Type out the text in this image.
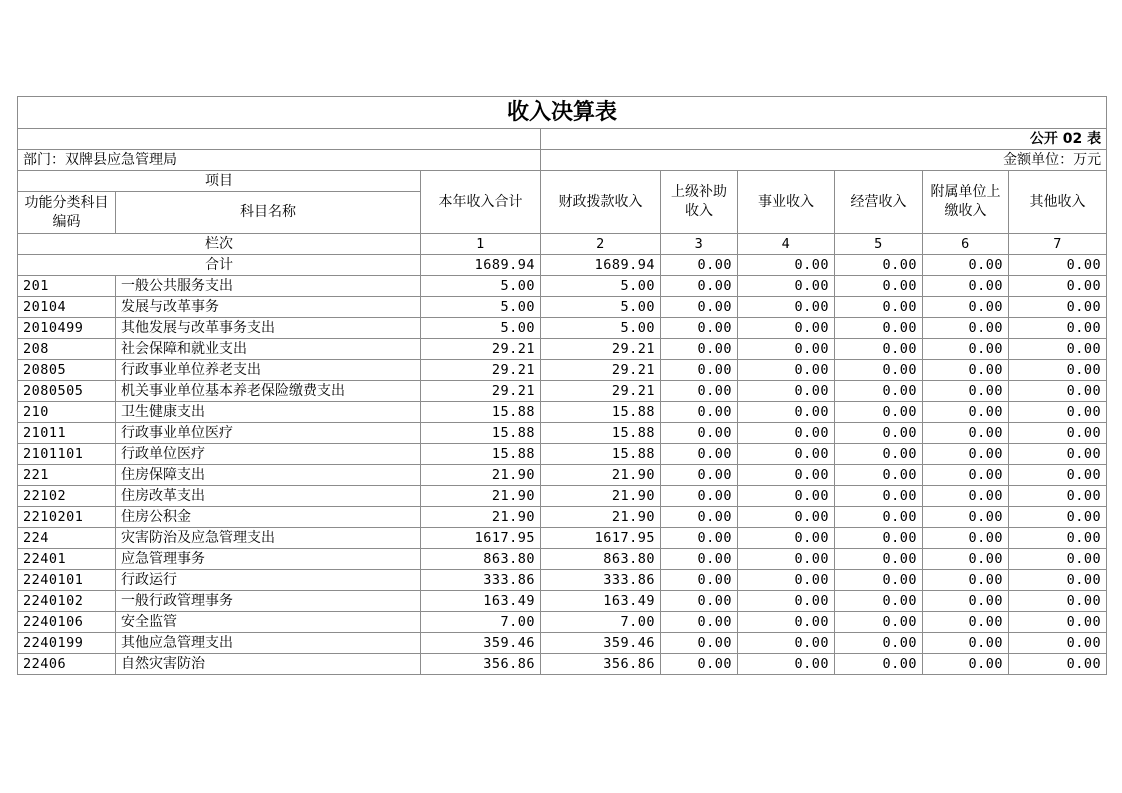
收入决算表								
			公开 02 表					
部门：双牌县应急管理局			金额单位：万元					
项目		本年收入合计	财政拨款收入	上级补助收入	事业收入	经营收入	附属单位上缴收入	其他收入
功能分类科目编码	科目名称							
栏次		1	2	3	4	5	6	7
合计		1689.94	1689.94	0.00	0.00	0.00	0.00	0.00
201	一般公共服务支出	5.00	5.00	0.00	0.00	0.00	0.00	0.00
20104	发展与改革事务	5.00	5.00	0.00	0.00	0.00	0.00	0.00
2010499	其他发展与改革事务支出	5.00	5.00	0.00	0.00	0.00	0.00	0.00
208	社会保障和就业支出	29.21	29.21	0.00	0.00	0.00	0.00	0.00
20805	行政事业单位养老支出	29.21	29.21	0.00	0.00	0.00	0.00	0.00
2080505	机关事业单位基本养老保险缴费支出	29.21	29.21	0.00	0.00	0.00	0.00	0.00
210	卫生健康支出	15.88	15.88	0.00	0.00	0.00	0.00	0.00
21011	行政事业单位医疗	15.88	15.88	0.00	0.00	0.00	0.00	0.00
2101101	行政单位医疗	15.88	15.88	0.00	0.00	0.00	0.00	0.00
221	住房保障支出	21.90	21.90	0.00	0.00	0.00	0.00	0.00
22102	住房改革支出	21.90	21.90	0.00	0.00	0.00	0.00	0.00
2210201	住房公积金	21.90	21.90	0.00	0.00	0.00	0.00	0.00
224	灾害防治及应急管理支出	1617.95	1617.95	0.00	0.00	0.00	0.00	0.00
22401	应急管理事务	863.80	863.80	0.00	0.00	0.00	0.00	0.00
2240101	行政运行	333.86	333.86	0.00	0.00	0.00	0.00	0.00
2240102	一般行政管理事务	163.49	163.49	0.00	0.00	0.00	0.00	0.00
2240106	安全监管	7.00	7.00	0.00	0.00	0.00	0.00	0.00
2240199	其他应急管理支出	359.46	359.46	0.00	0.00	0.00	0.00	0.00
22406	自然灾害防治	356.86	356.86	0.00	0.00	0.00	0.00	0.00
